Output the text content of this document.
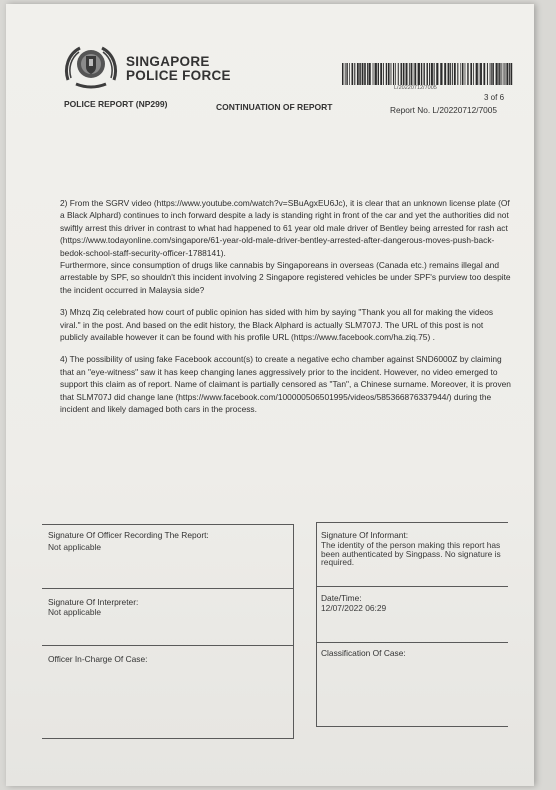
SINGAPORE
POLICE FORCE
L/20220712/7005
3 of 6
POLICE REPORT (NP299)	CONTINUATION OF REPORT	Report No. L/20220712/7005
2) From the SGRV video (https://www.youtube.com/watch?v=SBuAgxEU6Jc), it is clear that an unknown license plate (Of a Black Alphard) continues to inch forward despite a lady is standing right in front of the car and yet the authorities did not swiftly arrest this driver in contrast to what had happened to 61 year old male driver of Bentley being arrested for rash act (https://www.todayonline.com/singapore/61-year-old-male-driver-bentley-arrested-after-dangerous-moves-push-back-bedok-school-staff-security-officer-1788141).
Furthermore, since consumption of drugs like cannabis by Singaporeans in overseas (Canada etc.) remains illegal and arrestable by SPF, so shouldn't this incident involving 2 Singapore registered vehicles be under SPF's purview too despite the incident occurred in Malaysia side?
3) Mhzq Ziq celebrated how court of public opinion has sided with him by saying "Thank you all for making the videos viral." in the post. And based on the edit history, the Black Alphard is actually SLM707J. The URL of this post is not publicly available however it can be found with his profile URL (https://www.facebook.com/ha.ziq.75) .
4) The possibility of using fake Facebook account(s) to create a negative echo chamber against SND6000Z by claiming that an "eye-witness" saw it has keep changing lanes aggressively prior to the incident. However, no video emerged to support this claim as of report. Name of claimant is partially censored as "Tan", a Chinese surname. Moreover, it is proven that SLM707J did change lane (https://www.facebook.com/100000506501995/videos/585366876337944/) during the incident and likely damaged both cars in the process.
Signature Of Officer Recording The Report:
Not applicable
Signature Of Interpreter:
Not applicable
Officer In-Charge Of Case:
Signature Of Informant:
The identity of the person making this report has been authenticated by Singpass. No signature is required.
Date/Time:
12/07/2022 06:29
Classification Of Case:
